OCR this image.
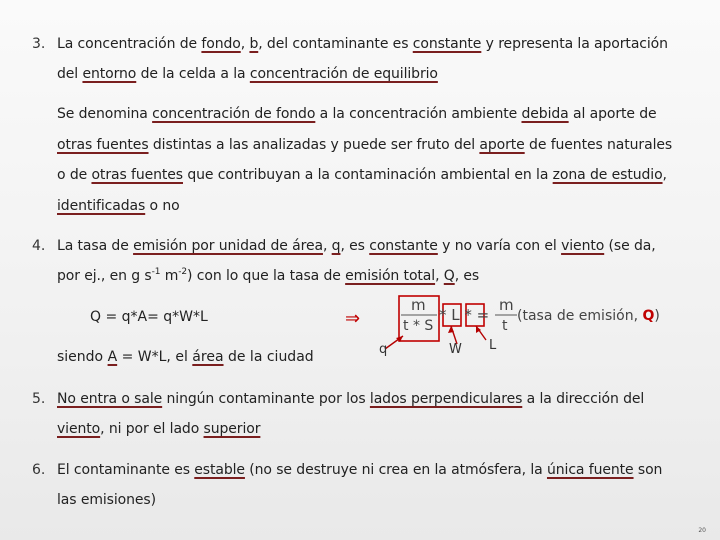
3. La concentración de fondo, b, del contaminante es constante y representa la aportación
del entorno de la celda a la concentración de equilibrio
Se denomina concentración de fondo a la concentración ambiente debida al aporte de
otras fuentes distintas a las analizadas y puede ser fruto del aporte de fuentes naturales
o de otras fuentes que contribuyan a la contaminación ambiental en la zona de estudio,
identificadas o no
4. La tasa de emisión por unidad de área, q, es constante y no varía con el viento (se da,
por ej., en g $s^{-1}$ $m^{-2}$) con lo que la tasa de emisión total, Q, es
Q = q*A= q*W*L
siendo A = W*L, el área de la ciudad
⇒
m
t * S
* L * =
m
t
(tasa de emisión, Q)
q	W L
5. No entra o sale ningún contaminante por los lados perpendiculares a la dirección del
viento, ni por el lado superior
6. El contaminante es estable (no se destruye ni crea en la atmósfera, la única fuente son
las emisiones)
20
